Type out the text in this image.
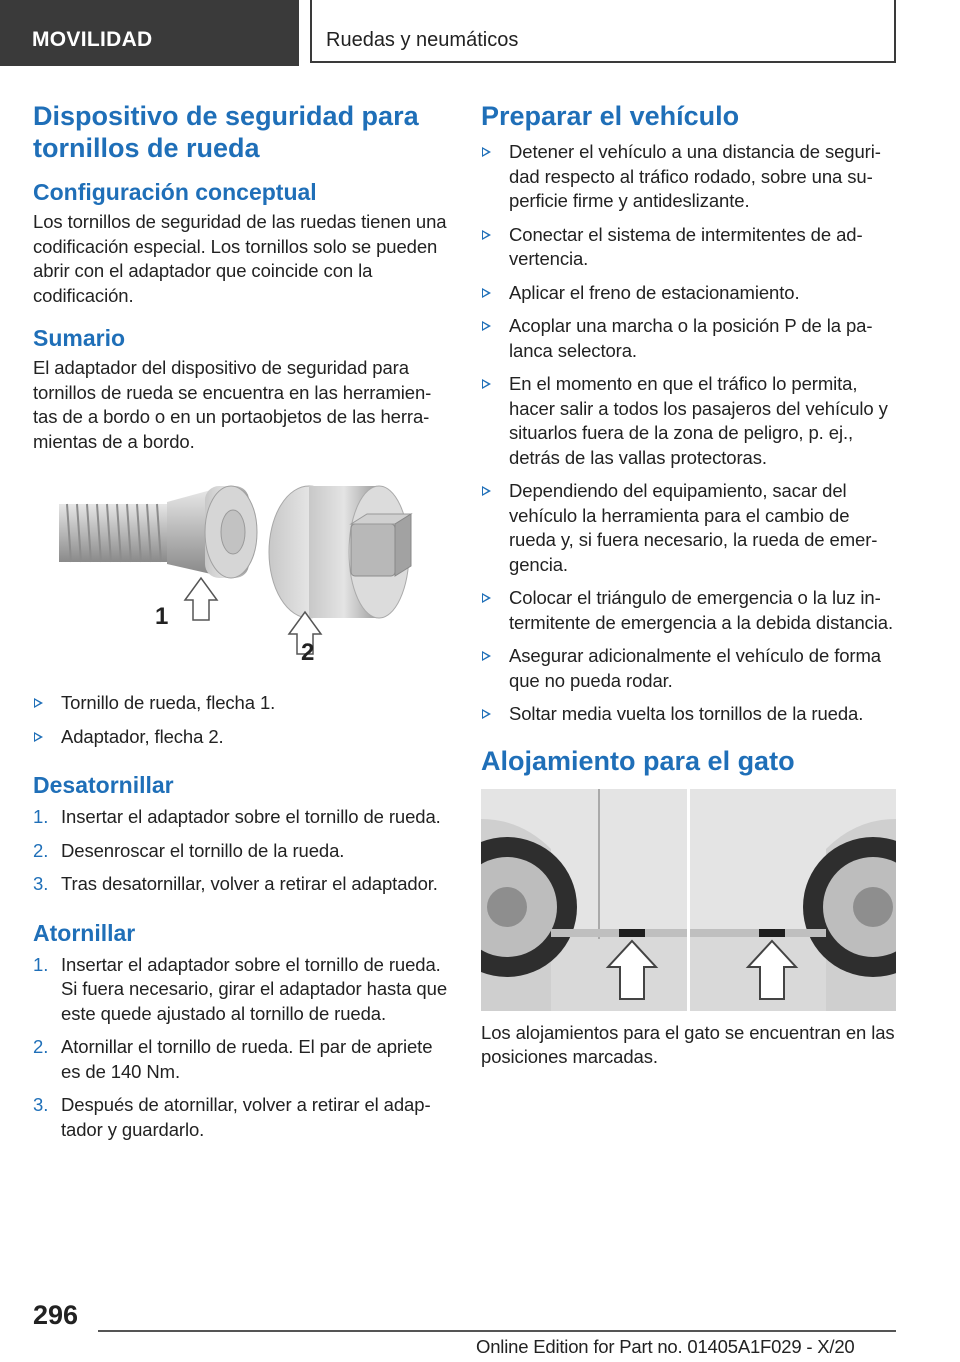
MOVILIDAD	Ruedas y neumáticos
Dispositivo de seguridad para tornillos de rueda
Configuración conceptual

Los tornillos de seguridad de las ruedas tienen una codificación especial. Los tornillos solo se pueden abrir con el adaptador que coincide con la codificación.

Sumario

El adaptador del dispositivo de seguridad para tornillos de rueda se encuentra en las herramientas de a bordo o en un portaobjetos de las herramientas de a bordo.

1
2
Tornillo de rueda, flecha 1.
Adaptador, flecha 2.
Desatornillar
1. Insertar el adaptador sobre el tornillo de rueda.
2. Desenroscar el tornillo de la rueda.
3. Tras desatornillar, volver a retirar el adaptador.
Atornillar
1. Insertar el adaptador sobre el tornillo de rueda. Si fuera necesario, girar el adaptador hasta que este quede ajustado al tornillo de rueda.
2. Atornillar el tornillo de rueda. El par de apriete es de 140 Nm.
3. Después de atornillar, volver a retirar el adaptador y guardarlo.
Preparar el vehículo
Detener el vehículo a una distancia de seguridad respecto al tráfico rodado, sobre una superficie firme y antideslizante.
Conectar el sistema de intermitentes de advertencia.
Aplicar el freno de estacionamiento.
Acoplar una marcha o la posición P de la palanca selectora.
En el momento en que el tráfico lo permita, hacer salir a todos los pasajeros del vehículo y situarlos fuera de la zona de peligro, p. ej., detrás de las vallas protectoras.
Dependiendo del equipamiento, sacar del vehículo la herramienta para el cambio de rueda y, si fuera necesario, la rueda de emergencia.
Colocar el triángulo de emergencia o la luz intermitente de emergencia a la debida distancia.
Asegurar adicionalmente el vehículo de forma que no pueda rodar.
Soltar media vuelta los tornillos de la rueda.
Alojamiento para el gato

Los alojamientos para el gato se encuentran en las posiciones marcadas.

296
Online Edition for Part no. 01405A1F029 - X/20
